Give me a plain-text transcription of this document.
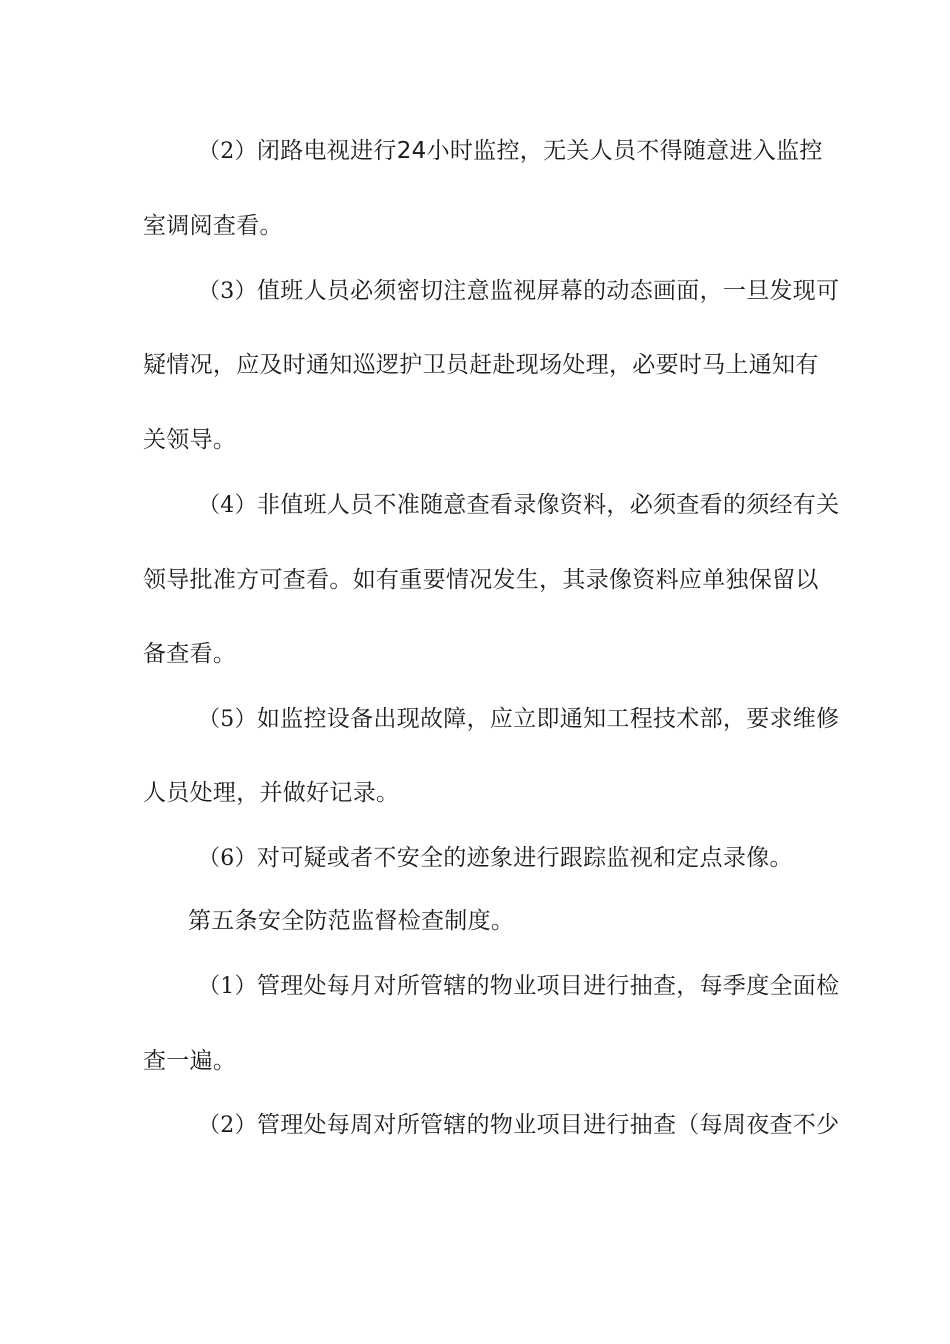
（2）闭路电视进行24小时监控，无关人员不得随意进入监控
室调阅查看。
（3）值班人员必须密切注意监视屏幕的动态画面，一旦发现可
疑情况，应及时通知巡逻护卫员赶赴现场处理，必要时马上通知有
关领导。
（4）非值班人员不准随意查看录像资料，必须查看的须经有关
领导批准方可查看。如有重要情况发生，其录像资料应单独保留以
备查看。
（5）如监控设备出现故障，应立即通知工程技术部，要求维修
人员处理，并做好记录。
（6）对可疑或者不安全的迹象进行跟踪监视和定点录像。
第五条安全防范监督检查制度。
（1）管理处每月对所管辖的物业项目进行抽查，每季度全面检
查一遍。
（2）管理处每周对所管辖的物业项目进行抽查（每周夜查不少
